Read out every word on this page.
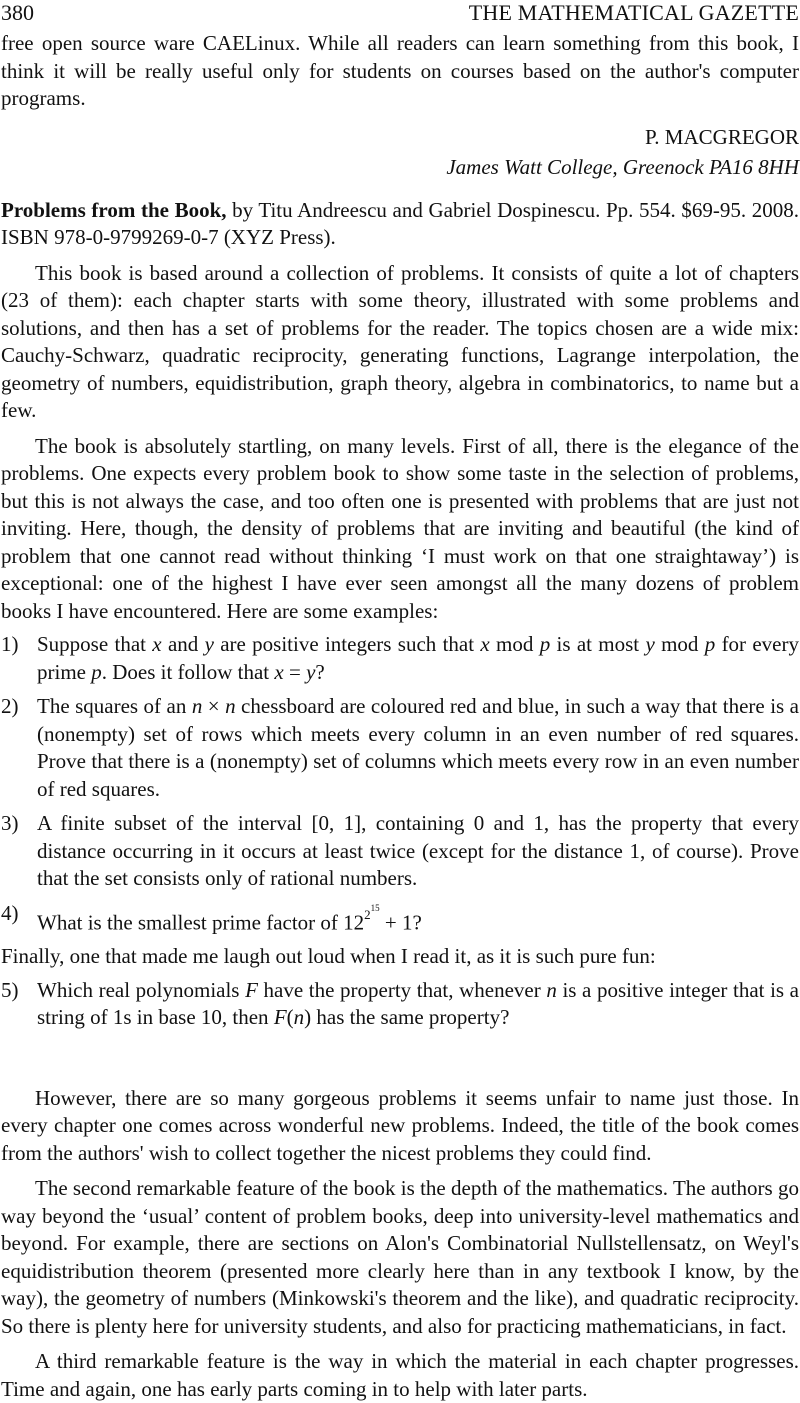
380	THE MATHEMATICAL GAZETTE

free open source ware CAELinux. While all readers can learn something from this book, I think it will be really useful only for students on courses based on the author's computer programs.

P. MACGREGOR
James Watt College, Greenock PA16 8HH

Problems from the Book, by Titu Andreescu and Gabriel Dospinescu. Pp. 554. $69-95. 2008. ISBN 978-0-9799269-0-7 (XYZ Press).

This book is based around a collection of problems. It consists of quite a lot of chapters (23 of them): each chapter starts with some theory, illustrated with some problems and solutions, and then has a set of problems for the reader. The topics chosen are a wide mix: Cauchy-Schwarz, quadratic reciprocity, generating functions, Lagrange interpolation, the geometry of numbers, equidistribution, graph theory, algebra in combinatorics, to name but a few.

The book is absolutely startling, on many levels. First of all, there is the elegance of the problems. One expects every problem book to show some taste in the selection of problems, but this is not always the case, and too often one is presented with problems that are just not inviting. Here, though, the density of problems that are inviting and beautiful (the kind of problem that one cannot read without thinking ‘I must work on that one straightaway’) is exceptional: one of the highest I have ever seen amongst all the many dozens of problem books I have encountered. Here are some examples:

1) Suppose that x and y are positive integers such that x mod p is at most y mod p for every prime p. Does it follow that x = y?
2) The squares of an n × n chessboard are coloured red and blue, in such a way that there is a (nonempty) set of rows which meets every column in an even number of red squares. Prove that there is a (nonempty) set of columns which meets every row in an even number of red squares.
3) A finite subset of the interval [0, 1], containing 0 and 1, has the property that every distance occurring in it occurs at least twice (except for the distance 1, of course). Prove that the set consists only of rational numbers.
4) What is the smallest prime factor of $12^{2^{15}} + 1$?

Finally, one that made me laugh out loud when I read it, as it is such pure fun:

5) Which real polynomials F have the property that, whenever n is a positive integer that is a string of 1s in base 10, then F(n) has the same property?

However, there are so many gorgeous problems it seems unfair to name just those. In every chapter one comes across wonderful new problems. Indeed, the title of the book comes from the authors' wish to collect together the nicest problems they could find.

The second remarkable feature of the book is the depth of the mathematics. The authors go way beyond the ‘usual’ content of problem books, deep into university-level mathematics and beyond. For example, there are sections on Alon's Combinatorial Nullstellensatz, on Weyl's equidistribution theorem (presented more clearly here than in any textbook I know, by the way), the geometry of numbers (Minkowski's theorem and the like), and quadratic reciprocity. So there is plenty here for university students, and also for practicing mathematicians, in fact.

A third remarkable feature is the way in which the material in each chapter progresses. Time and again, one has early parts coming in to help with later parts.
